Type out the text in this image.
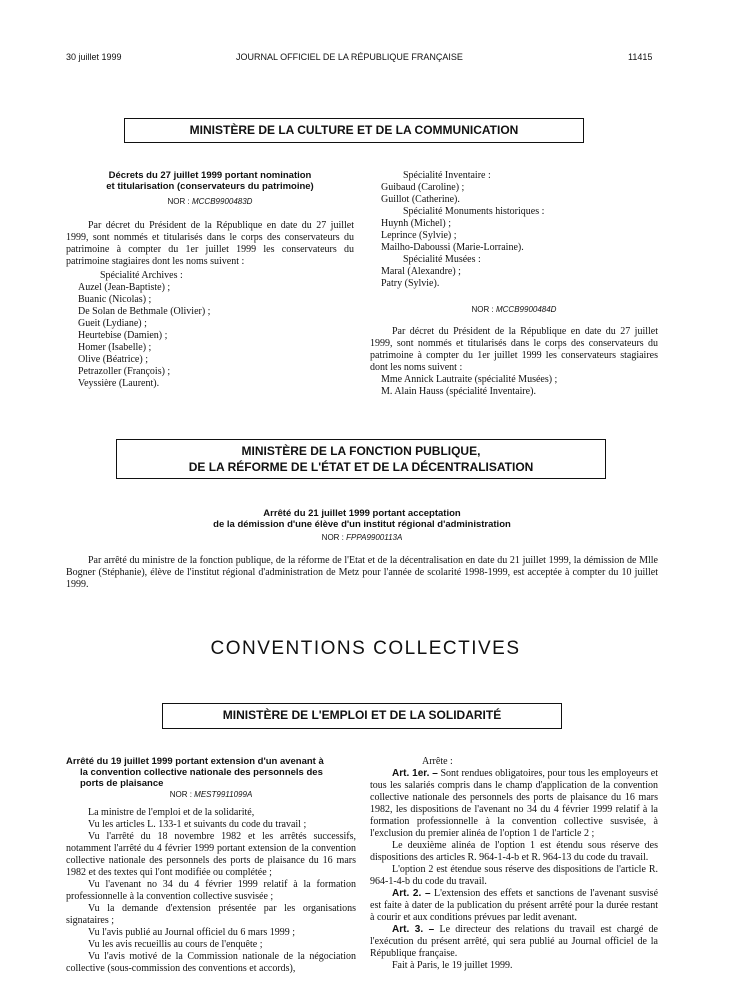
30 juillet 1999	JOURNAL OFFICIEL DE LA RÉPUBLIQUE FRANÇAISE	11415
MINISTÈRE DE LA CULTURE ET DE LA COMMUNICATION
Décrets du 27 juillet 1999 portant nomination
et titularisation (conservateurs du patrimoine)
NOR : MCCB9900483D

Par décret du Président de la République en date du 27 juillet 1999, sont nommés et titularisés dans le corps des conservateurs du patrimoine à compter du 1er juillet 1999 les conservateurs du patrimoine stagiaires dont les noms suivent :

Spécialité Archives :

Auzel (Jean-Baptiste) ;

Buanic (Nicolas) ;

De Solan de Bethmale (Olivier) ;

Gueit (Lydiane) ;

Heurtebise (Damien) ;

Homer (Isabelle) ;

Olive (Béatrice) ;

Petrazoller (François) ;

Veyssière (Laurent).

Spécialité Inventaire :

Guibaud (Caroline) ;

Guillot (Catherine).

Spécialité Monuments historiques :

Huynh (Michel) ;

Leprince (Sylvie) ;

Mailho-Daboussi (Marie-Lorraine).

Spécialité Musées :

Maral (Alexandre) ;

Patry (Sylvie).

NOR : MCCB9900484D

Par décret du Président de la République en date du 27 juillet 1999, sont nommés et titularisés dans le corps des conservateurs du patrimoine à compter du 1er juillet 1999 les conservateurs stagiaires dont les noms suivent :

Mme Annick Lautraite (spécialité Musées) ;

M. Alain Hauss (spécialité Inventaire).

MINISTÈRE DE LA FONCTION PUBLIQUE,
DE LA RÉFORME DE L'ÉTAT ET DE LA DÉCENTRALISATION
Arrêté du 21 juillet 1999 portant acceptation
de la démission d'une élève d'un institut régional d'administration
NOR : FPPA9900113A

Par arrêté du ministre de la fonction publique, de la réforme de l'Etat et de la décentralisation en date du 21 juillet 1999, la démission de Mlle Bogner (Stéphanie), élève de l'institut régional d'administration de Metz pour l'année de scolarité 1998-1999, est acceptée à compter du 10 juillet 1999.

CONVENTIONS COLLECTIVES
MINISTÈRE DE L'EMPLOI ET DE LA SOLIDARITÉ
Arrêté du 19 juillet 1999 portant extension d'un avenant à
la convention collective nationale des personnels des
ports de plaisance
NOR : MEST9911099A

La ministre de l'emploi et de la solidarité,

Vu les articles L. 133-1 et suivants du code du travail ;

Vu l'arrêté du 18 novembre 1982 et les arrêtés successifs, notamment l'arrêté du 4 février 1999 portant extension de la convention collective nationale des personnels des ports de plaisance du 16 mars 1982 et des textes qui l'ont modifiée ou complétée ;

Vu l'avenant no 34 du 4 février 1999 relatif à la formation professionnelle à la convention collective susvisée ;

Vu la demande d'extension présentée par les organisations signataires ;

Vu l'avis publié au Journal officiel du 6 mars 1999 ;

Vu les avis recueillis au cours de l'enquête ;

Vu l'avis motivé de la Commission nationale de la négociation collective (sous-commission des conventions et accords),

Arrête :

Art. 1er. – Sont rendues obligatoires, pour tous les employeurs et tous les salariés compris dans le champ d'application de la convention collective nationale des personnels des ports de plaisance du 16 mars 1982, les dispositions de l'avenant no 34 du 4 février 1999 relatif à la formation professionnelle à la convention collective susvisée, à l'exclusion du premier alinéa de l'option 1 de l'article 2 ;

Le deuxième alinéa de l'option 1 est étendu sous réserve des dispositions des articles R. 964-1-4-b et R. 964-13 du code du travail.

L'option 2 est étendue sous réserve des dispositions de l'article R. 964-1-4-b du code du travail.

Art. 2. – L'extension des effets et sanctions de l'avenant susvisé est faite à dater de la publication du présent arrêté pour la durée restant à courir et aux conditions prévues par ledit avenant.

Art. 3. – Le directeur des relations du travail est chargé de l'exécution du présent arrêté, qui sera publié au Journal officiel de la République française.

Fait à Paris, le 19 juillet 1999.
